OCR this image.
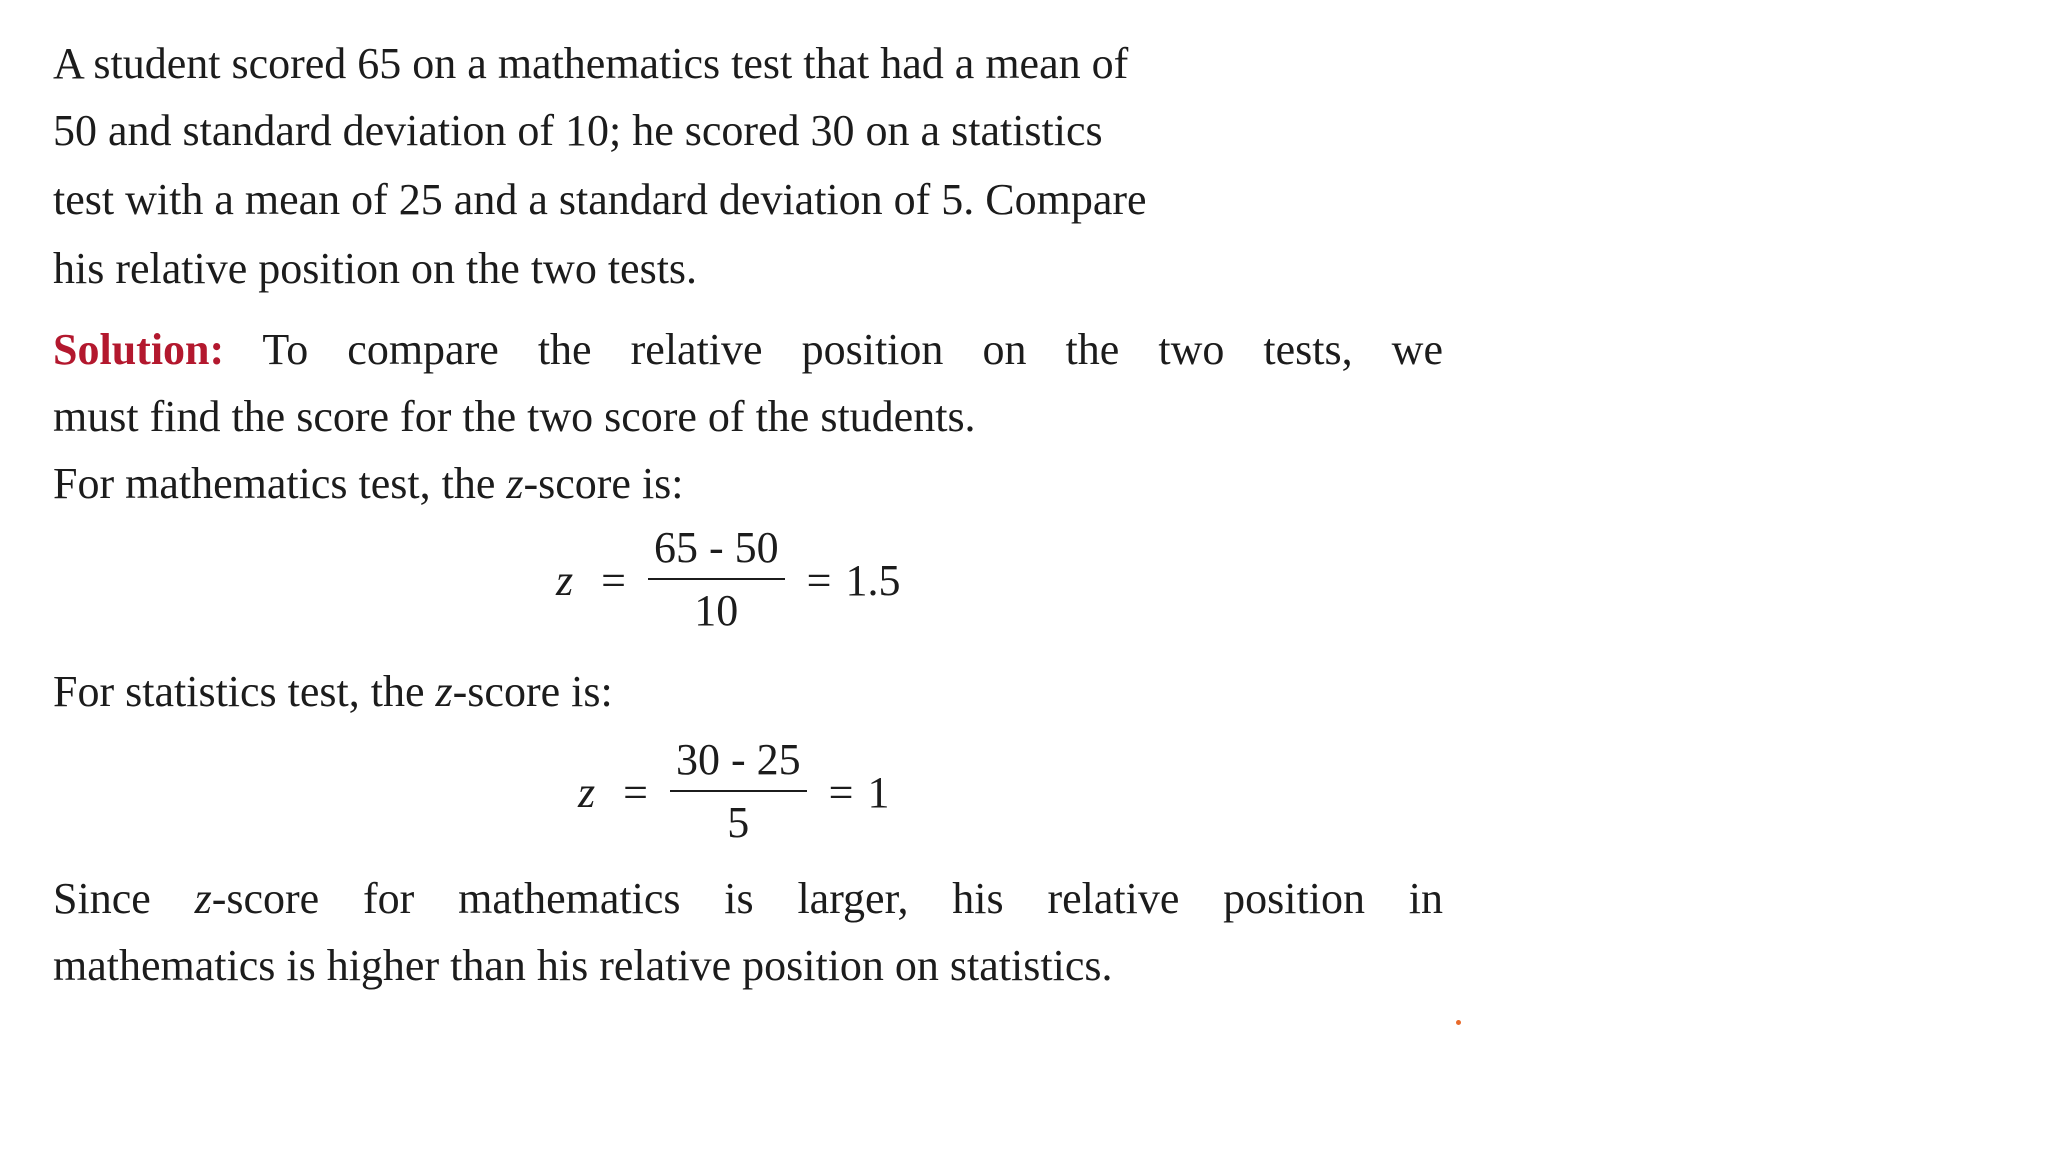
A student scored 65 on a mathematics test that had a mean of

50 and standard deviation of 10; he scored 30 on a statistics

test with a mean of 25 and a standard deviation of 5. Compare

his relative position on the two tests.

Solution: To compare the relative position on the two tests, we

must find the score for the two score of the students.

For mathematics test, the z-score is:

$z = \frac{65 - 50}{10} = 1.5$

For statistics test, the z-score is:

$z = \frac{30 - 25}{5} = 1$

Since z-score for mathematics is larger, his relative position in

mathematics is higher than his relative position on statistics.
